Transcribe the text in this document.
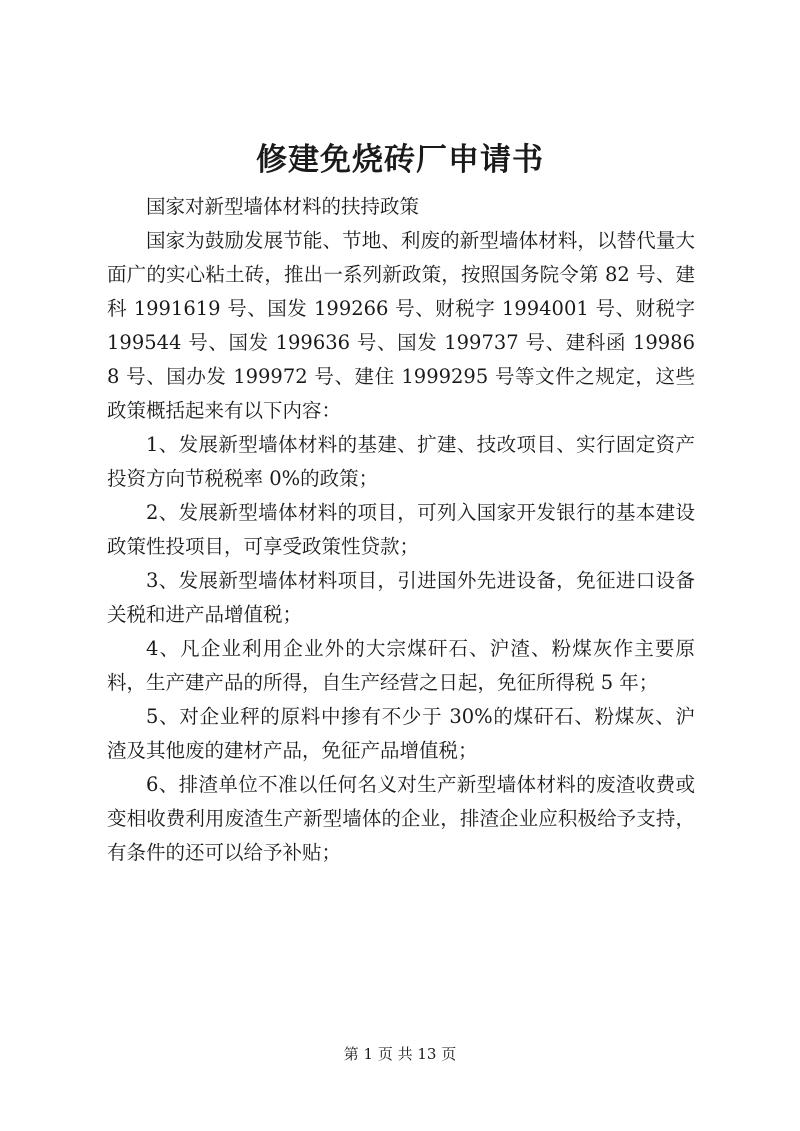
修建免烧砖厂申请书

国家对新型墙体材料的扶持政策

国家为鼓励发展节能、节地、利废的新型墙体材料，以替代量大面广的实心粘土砖，推出一系列新政策，按照国务院令第 82 号、建科 1991619 号、国发 199266 号、财税字 1994001 号、财税字 199544 号、国发 199636 号、国发 199737 号、建科函 199868 号、国办发 199972 号、建住 1999295 号等文件之规定，这些政策概括起来有以下内容：

1、发展新型墙体材料的基建、扩建、技改项目、实行固定资产投资方向节税税率 0%的政策；

2、发展新型墙体材料的项目，可列入国家开发银行的基本建设政策性投项目，可享受政策性贷款；

3、发展新型墙体材料项目，引进国外先进设备，免征进口设备关税和进产品增值税；

4、凡企业利用企业外的大宗煤矸石、沪渣、粉煤灰作主要原料，生产建产品的所得，自生产经营之日起，免征所得税 5 年；

5、对企业秤的原料中掺有不少于 30%的煤矸石、粉煤灰、沪渣及其他废的建材产品，免征产品增值税；

6、排渣单位不准以任何名义对生产新型墙体材料的废渣收费或变相收费利用废渣生产新型墙体的企业，排渣企业应积极给予支持，有条件的还可以给予补贴；

第 1 页 共 13 页
